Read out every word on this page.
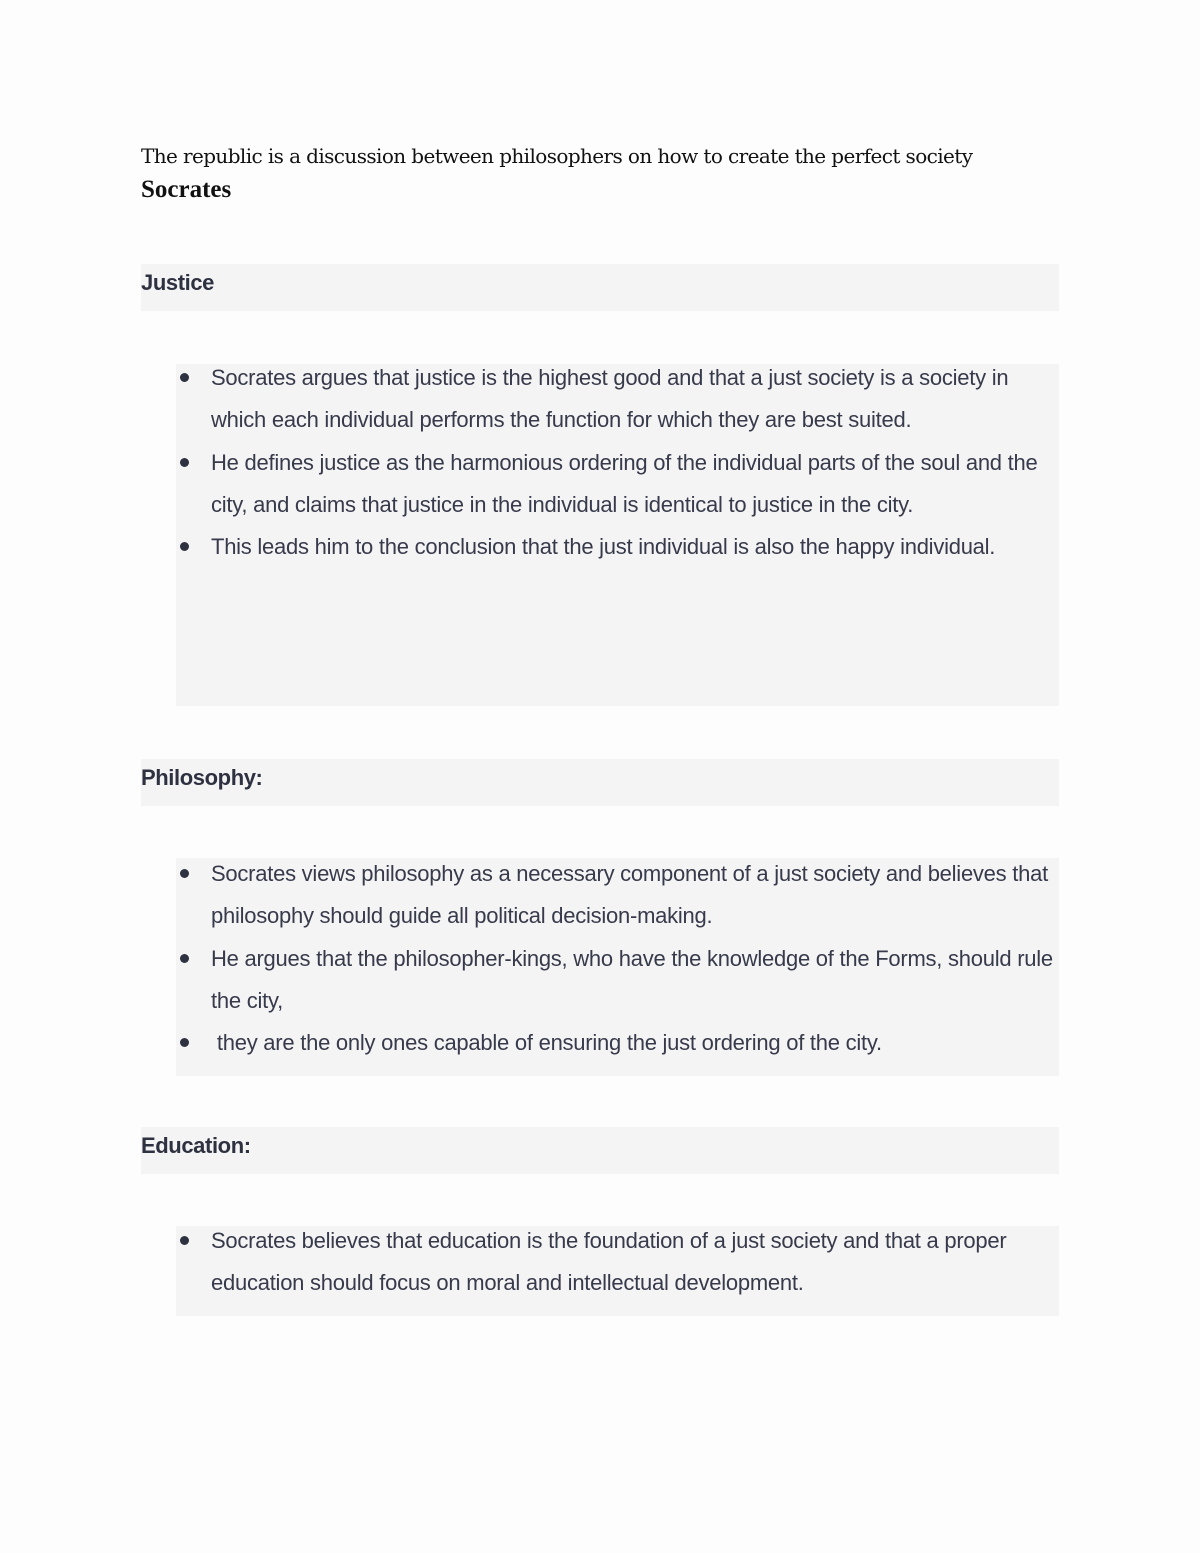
The republic is a discussion between philosophers on how to create the perfect society
Socrates
Justice
Socrates argues that justice is the highest good and that a just society is a society in which each individual performs the function for which they are best suited.
He defines justice as the harmonious ordering of the individual parts of the soul and the city, and claims that justice in the individual is identical to justice in the city.
This leads him to the conclusion that the just individual is also the happy individual.
Philosophy:
Socrates views philosophy as a necessary component of a just society and believes that philosophy should guide all political decision-making.
He argues that the philosopher-kings, who have the knowledge of the Forms, should rule the city,
they are the only ones capable of ensuring the just ordering of the city.
Education:
Socrates believes that education is the foundation of a just society and that a proper education should focus on moral and intellectual development.
